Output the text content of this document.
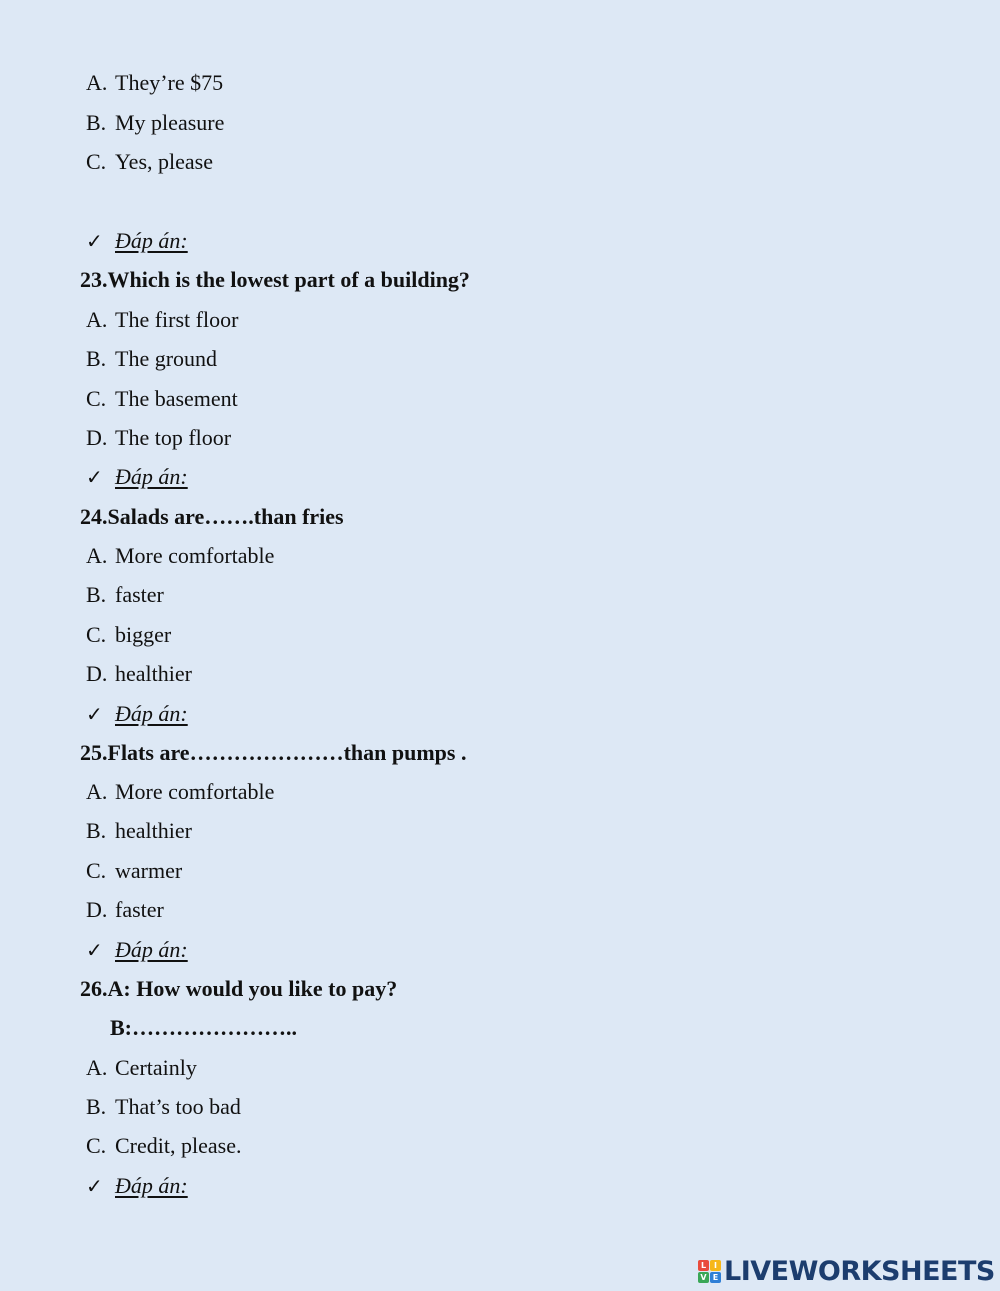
A. They’re $75
B. My pleasure
C. Yes, please
✓ Đáp án:
23.Which is the lowest part of a building?
A. The first floor
B. The ground
C. The basement
D. The top floor
✓ Đáp án:
24.Salads are…….than fries
A. More comfortable
B. faster
C. bigger
D. healthier
✓ Đáp án:
25.Flats are…………………than pumps .
A. More comfortable
B. healthier
C. warmer
D. faster
✓ Đáp án:
26.A: How would you like to pay?
B:…………………..
A. Certainly
B. That’s too bad
C. Credit, please.
✓ Đáp án:
L I
V E LIVEWORKSHEETS
